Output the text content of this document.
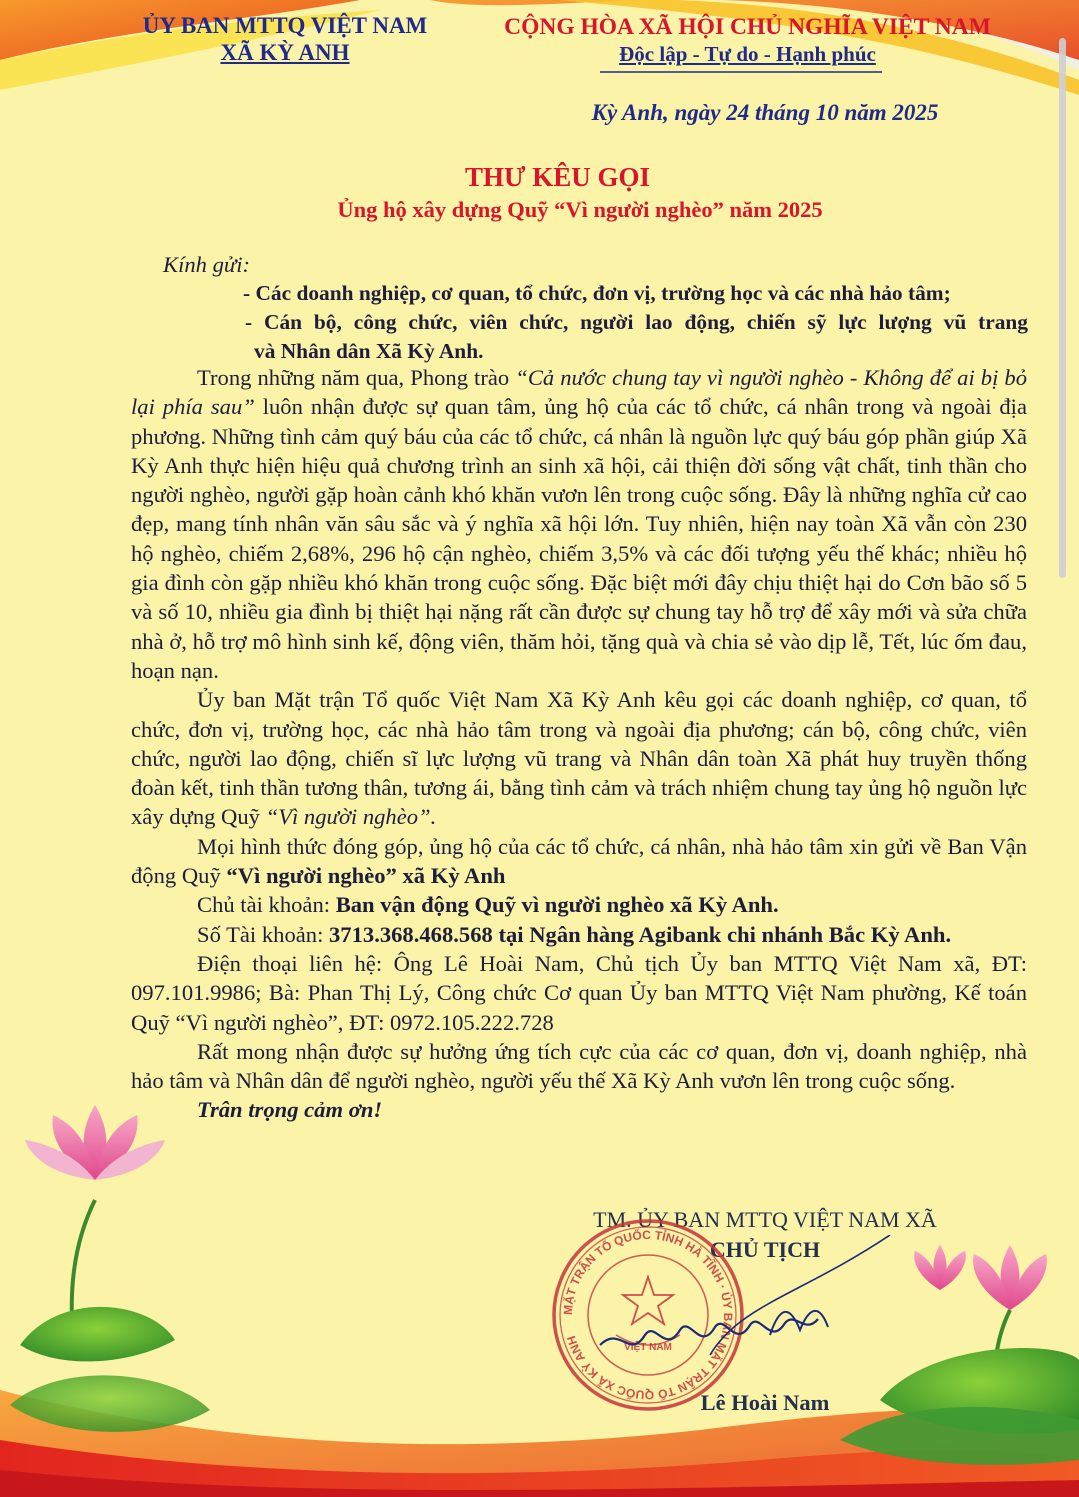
ỦY BAN MTTQ VIỆT NAM
XÃ KỲ ANH
CỘNG HÒA XÃ HỘI CHỦ NGHĨA VIỆT NAM
Độc lập - Tự do - Hạnh phúc
Kỳ Anh, ngày 24 tháng 10 năm 2025
THƯ KÊU GỌI
Ủng hộ xây dựng Quỹ “Vì người nghèo” năm 2025
Kính gửi:
- Các doanh nghiệp, cơ quan, tổ chức, đơn vị, trường học và các nhà hảo tâm;
- Cán bộ, công chức, viên chức, người lao động, chiến sỹ lực lượng vũ trang
và Nhân dân Xã Kỳ Anh.

Trong những năm qua, Phong trào “Cả nước chung tay vì người nghèo - Không để ai bị bỏ lại phía sau” luôn nhận được sự quan tâm, ủng hộ của các tổ chức, cá nhân trong và ngoài địa phương. Những tình cảm quý báu của các tổ chức, cá nhân là nguồn lực quý báu góp phần giúp Xã Kỳ Anh thực hiện hiệu quả chương trình an sinh xã hội, cải thiện đời sống vật chất, tinh thần cho người nghèo, người gặp hoàn cảnh khó khăn vươn lên trong cuộc sống. Đây là những nghĩa cử cao đẹp, mang tính nhân văn sâu sắc và ý nghĩa xã hội lớn. Tuy nhiên, hiện nay toàn Xã vẫn còn 230 hộ nghèo, chiếm 2,68%, 296 hộ cận nghèo, chiếm 3,5% và các đối tượng yếu thế khác; nhiều hộ gia đình còn gặp nhiều khó khăn trong cuộc sống. Đặc biệt mới đây chịu thiệt hại do Cơn bão số 5 và số 10, nhiều gia đình bị thiệt hại nặng rất cần được sự chung tay hỗ trợ để xây mới và sửa chữa nhà ở, hỗ trợ mô hình sinh kế, động viên, thăm hỏi, tặng quà và chia sẻ vào dịp lễ, Tết, lúc ốm đau, hoạn nạn.

Ủy ban Mặt trận Tổ quốc Việt Nam Xã Kỳ Anh kêu gọi các doanh nghiệp, cơ quan, tổ chức, đơn vị, trường học, các nhà hảo tâm trong và ngoài địa phương; cán bộ, công chức, viên chức, người lao động, chiến sĩ lực lượng vũ trang và Nhân dân toàn Xã phát huy truyền thống đoàn kết, tinh thần tương thân, tương ái, bằng tình cảm và trách nhiệm chung tay ủng hộ nguồn lực xây dựng Quỹ “Vì người nghèo”.

Mọi hình thức đóng góp, ủng hộ của các tổ chức, cá nhân, nhà hảo tâm xin gửi về Ban Vận động Quỹ “Vì người nghèo” xã Kỳ Anh

Chủ tài khoản: Ban vận động Quỹ vì người nghèo xã Kỳ Anh.

Số Tài khoản: 3713.368.468.568 tại Ngân hàng Agibank chi nhánh Bắc Kỳ Anh.

Điện thoại liên hệ: Ông Lê Hoài Nam, Chủ tịch Ủy ban MTTQ Việt Nam xã, ĐT: 097.101.9986; Bà: Phan Thị Lý, Công chức Cơ quan Ủy ban MTTQ Việt Nam phường, Kế toán Quỹ “Vì người nghèo”, ĐT: 0972.105.222.728

Rất mong nhận được sự hưởng ứng tích cực của các cơ quan, đơn vị, doanh nghiệp, nhà hảo tâm và Nhân dân để người nghèo, người yếu thế Xã Kỳ Anh vươn lên trong cuộc sống.

Trân trọng cảm ơn!

TM. ỦY BAN MTTQ VIỆT NAM XÃ
CHỦ TỊCH
MẶT TRẬN TỔ QUỐC TỈNH HÀ TĨNH · ỦY BAN MẶT TRẬN TỔ QUỐC XÃ KỲ ANH
VIỆT NAM
Lê Hoài Nam
